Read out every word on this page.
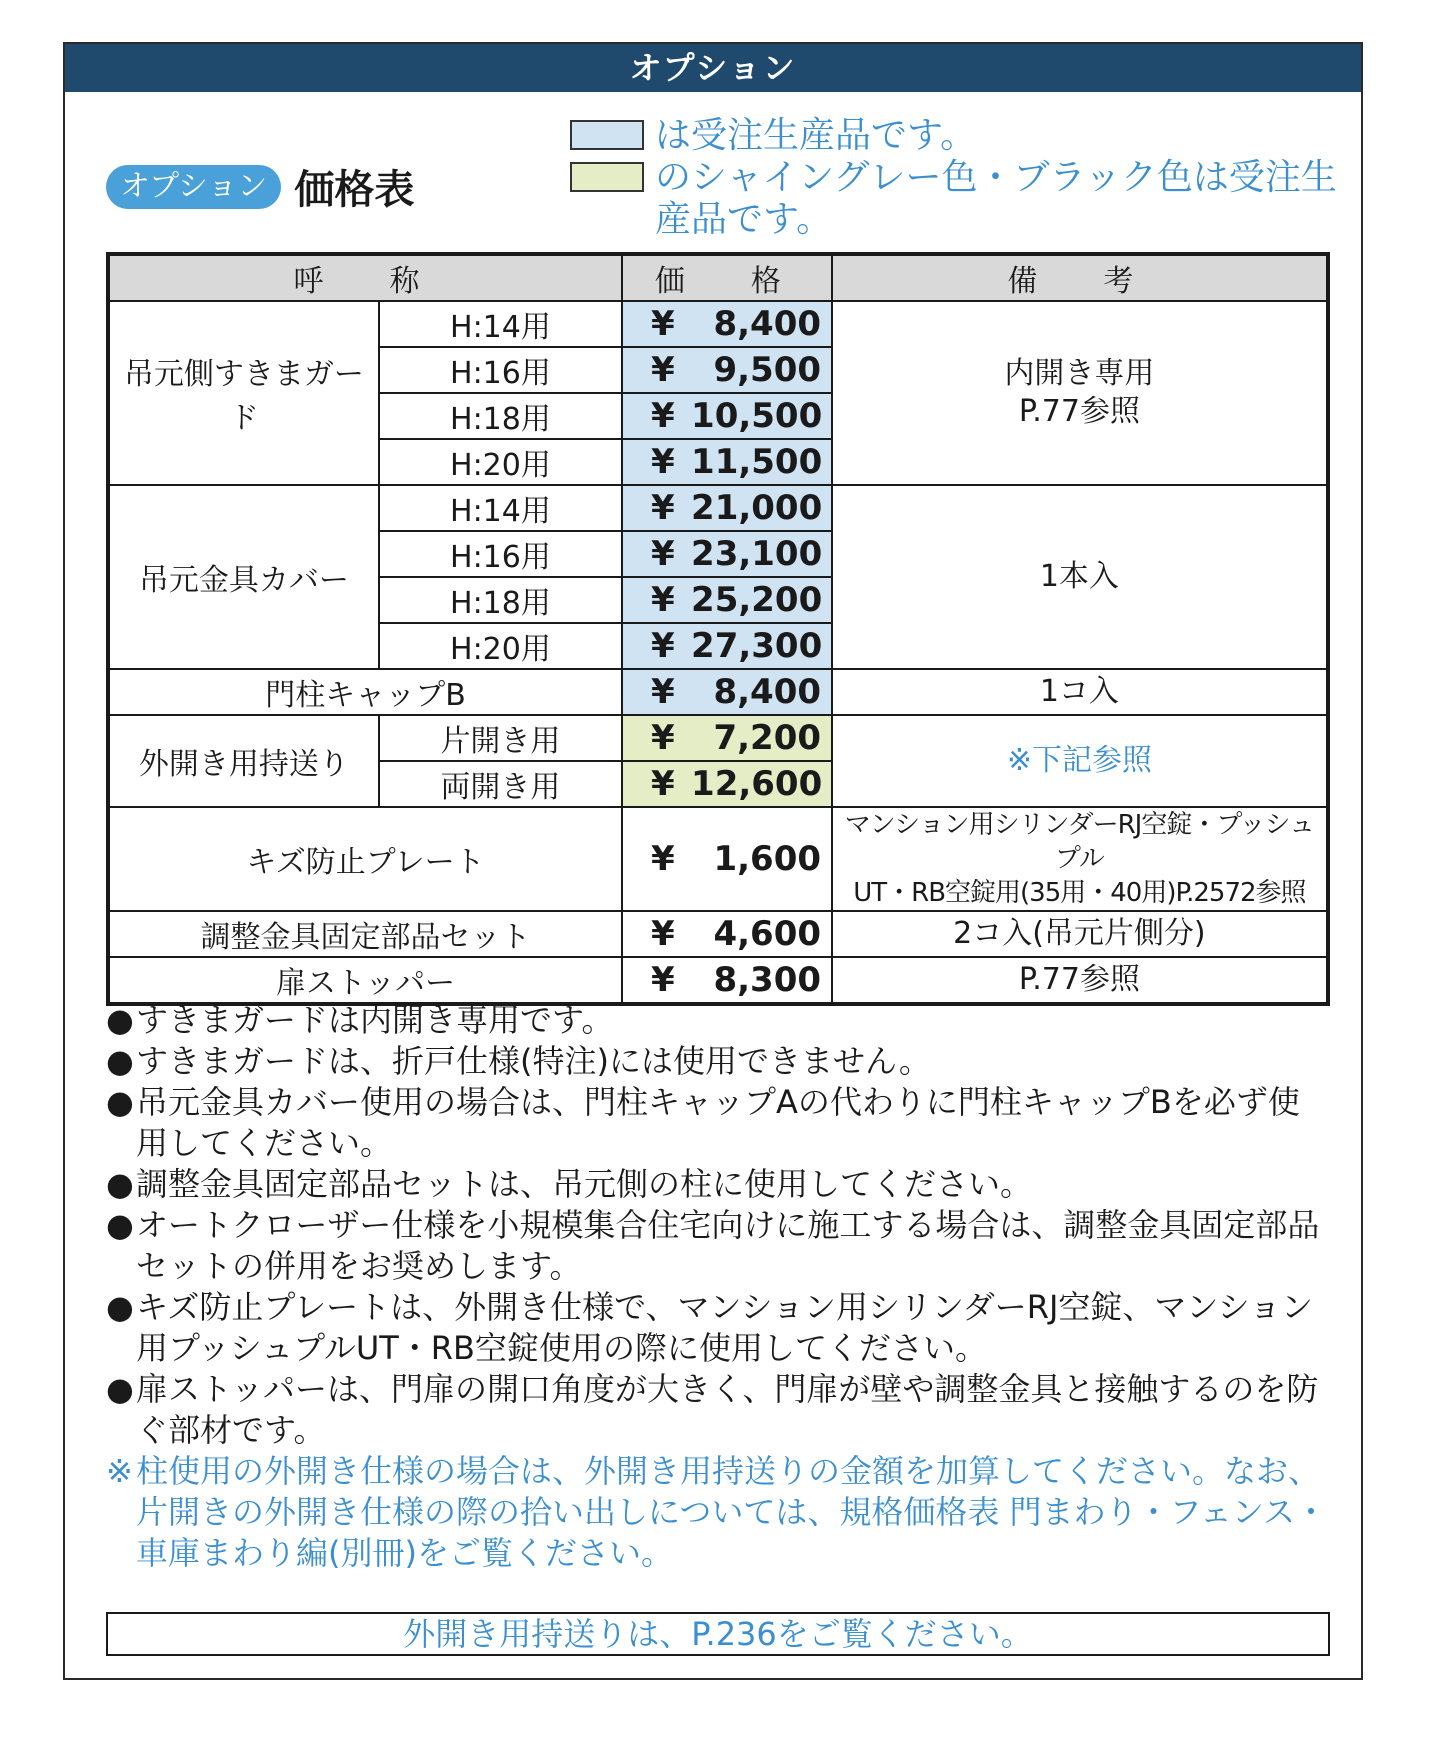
オプション
オプション 価格表
は受注生産品です。
のシャイングレー色・ブラック色は受注生産品です。
呼　称		価　格	備　考
吊元側すきまガード	H:14用	¥ 8,400	内開き専用
P.77参照
	H:16用	¥ 9,500	
	H:18用	¥ 10,500	
	H:20用	¥ 11,500	
吊元金具カバー	H:14用	¥ 21,000	1本入
	H:16用	¥ 23,100	
	H:18用	¥ 25,200	
	H:20用	¥ 27,300	
門柱キャップB		¥ 8,400	1コ入
外開き用持送り	片開き用	¥ 7,200	※下記参照
	両開き用	¥ 12,600	
キズ防止プレート		¥ 1,600	マンション用シリンダーRJ空錠・プッシュプル
UT・RB空錠用(35用・40用)P.2572参照

調整金具固定部品セット		¥ 4,600	2コ入(吊元片側分)
扉ストッパー		¥ 8,300	P.77参照
● すきまガードは内開き専用です。
● すきまガードは、折戸仕様(特注)には使用できません。
● 吊元金具カバー使用の場合は、門柱キャップAの代わりに門柱キャップBを必ず使用してください。
● 調整金具固定部品セットは、吊元側の柱に使用してください。
● オートクローザー仕様を小規模集合住宅向けに施工する場合は、調整金具固定部品セットの併用をお奨めします。
● キズ防止プレートは、外開き仕様で、マンション用シリンダーRJ空錠、マンション用プッシュプルUT・RB空錠使用の際に使用してください。
● 扉ストッパーは、門扉の開口角度が大きく、門扉が壁や調整金具と接触するのを防ぐ部材です。
※ 柱使用の外開き仕様の場合は、外開き用持送りの金額を加算してください。なお、片開きの外開き仕様の際の拾い出しについては、規格価格表 門まわり・フェンス・車庫まわり編(別冊)をご覧ください。
外開き用持送りは、P.236をご覧ください。
